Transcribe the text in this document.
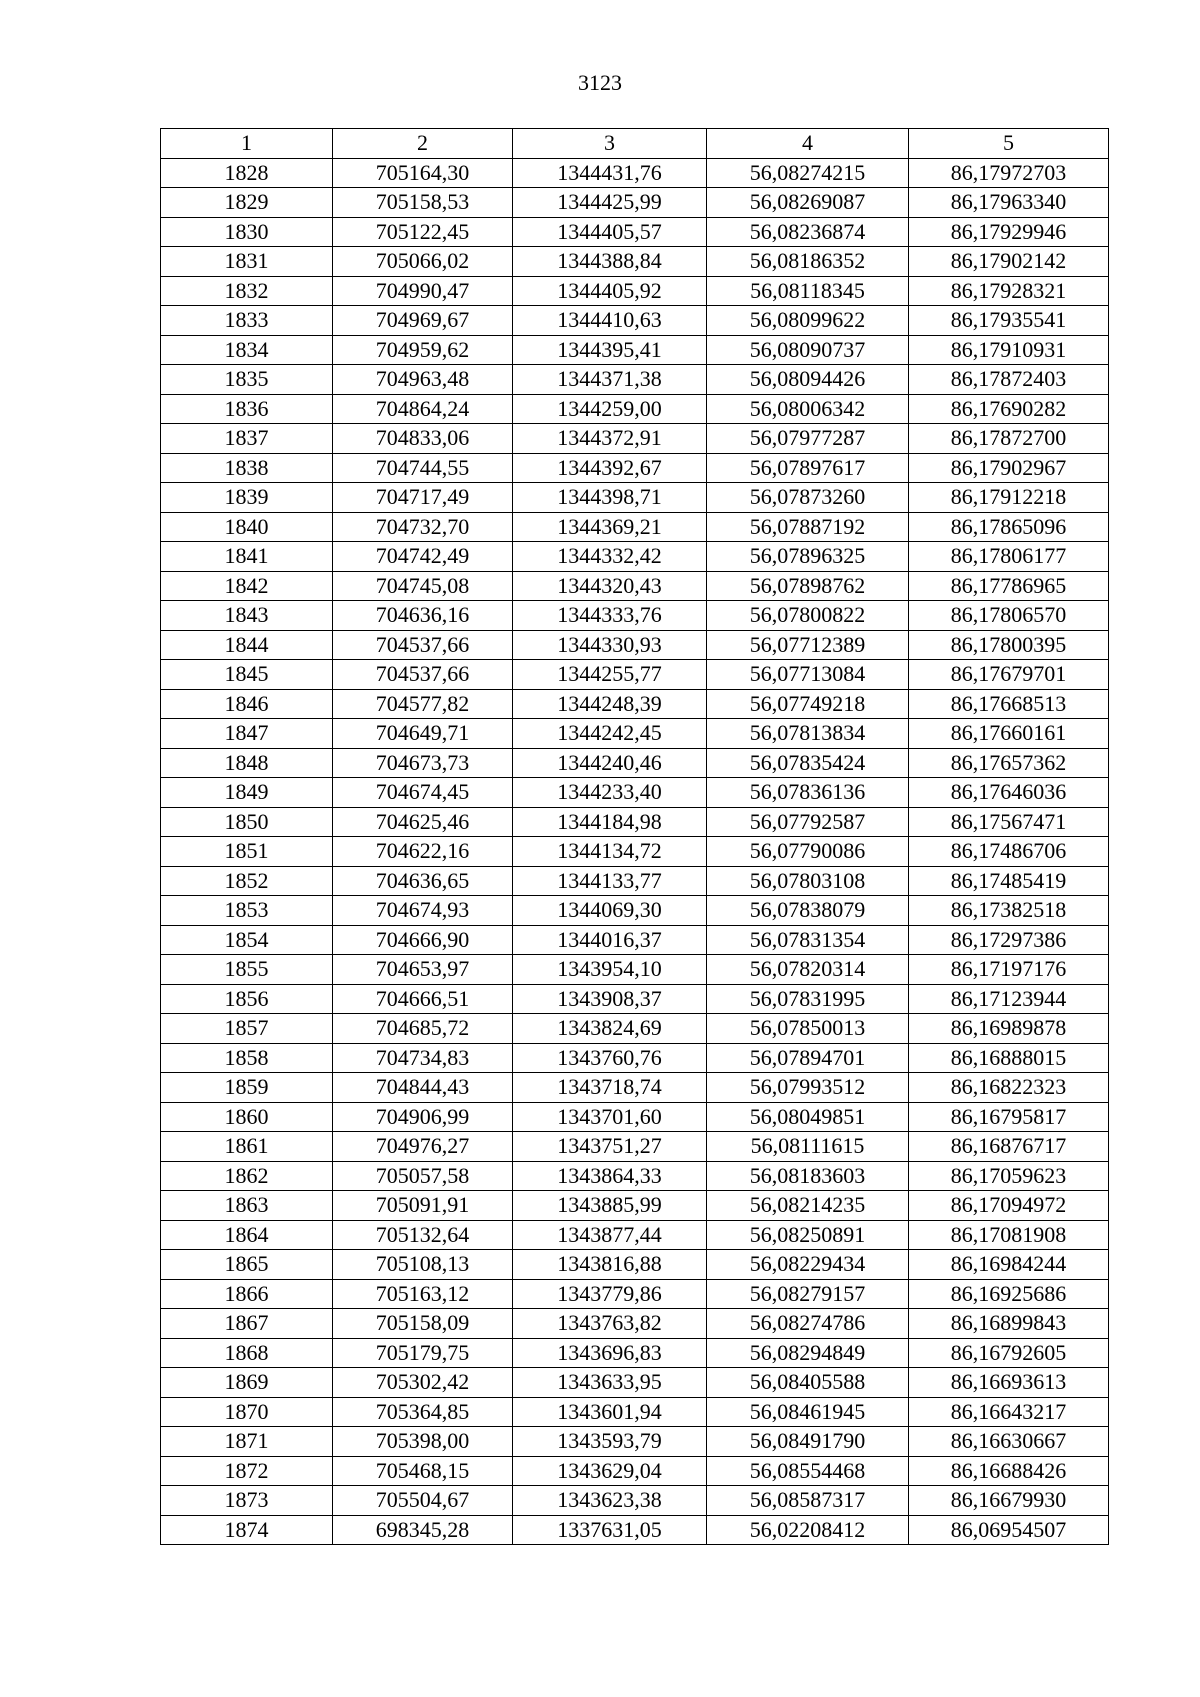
3123
1	2	3	4	5
1828	705164,30	1344431,76	56,08274215	86,17972703
1829	705158,53	1344425,99	56,08269087	86,17963340
1830	705122,45	1344405,57	56,08236874	86,17929946
1831	705066,02	1344388,84	56,08186352	86,17902142
1832	704990,47	1344405,92	56,08118345	86,17928321
1833	704969,67	1344410,63	56,08099622	86,17935541
1834	704959,62	1344395,41	56,08090737	86,17910931
1835	704963,48	1344371,38	56,08094426	86,17872403
1836	704864,24	1344259,00	56,08006342	86,17690282
1837	704833,06	1344372,91	56,07977287	86,17872700
1838	704744,55	1344392,67	56,07897617	86,17902967
1839	704717,49	1344398,71	56,07873260	86,17912218
1840	704732,70	1344369,21	56,07887192	86,17865096
1841	704742,49	1344332,42	56,07896325	86,17806177
1842	704745,08	1344320,43	56,07898762	86,17786965
1843	704636,16	1344333,76	56,07800822	86,17806570
1844	704537,66	1344330,93	56,07712389	86,17800395
1845	704537,66	1344255,77	56,07713084	86,17679701
1846	704577,82	1344248,39	56,07749218	86,17668513
1847	704649,71	1344242,45	56,07813834	86,17660161
1848	704673,73	1344240,46	56,07835424	86,17657362
1849	704674,45	1344233,40	56,07836136	86,17646036
1850	704625,46	1344184,98	56,07792587	86,17567471
1851	704622,16	1344134,72	56,07790086	86,17486706
1852	704636,65	1344133,77	56,07803108	86,17485419
1853	704674,93	1344069,30	56,07838079	86,17382518
1854	704666,90	1344016,37	56,07831354	86,17297386
1855	704653,97	1343954,10	56,07820314	86,17197176
1856	704666,51	1343908,37	56,07831995	86,17123944
1857	704685,72	1343824,69	56,07850013	86,16989878
1858	704734,83	1343760,76	56,07894701	86,16888015
1859	704844,43	1343718,74	56,07993512	86,16822323
1860	704906,99	1343701,60	56,08049851	86,16795817
1861	704976,27	1343751,27	56,08111615	86,16876717
1862	705057,58	1343864,33	56,08183603	86,17059623
1863	705091,91	1343885,99	56,08214235	86,17094972
1864	705132,64	1343877,44	56,08250891	86,17081908
1865	705108,13	1343816,88	56,08229434	86,16984244
1866	705163,12	1343779,86	56,08279157	86,16925686
1867	705158,09	1343763,82	56,08274786	86,16899843
1868	705179,75	1343696,83	56,08294849	86,16792605
1869	705302,42	1343633,95	56,08405588	86,16693613
1870	705364,85	1343601,94	56,08461945	86,16643217
1871	705398,00	1343593,79	56,08491790	86,16630667
1872	705468,15	1343629,04	56,08554468	86,16688426
1873	705504,67	1343623,38	56,08587317	86,16679930
1874	698345,28	1337631,05	56,02208412	86,06954507
